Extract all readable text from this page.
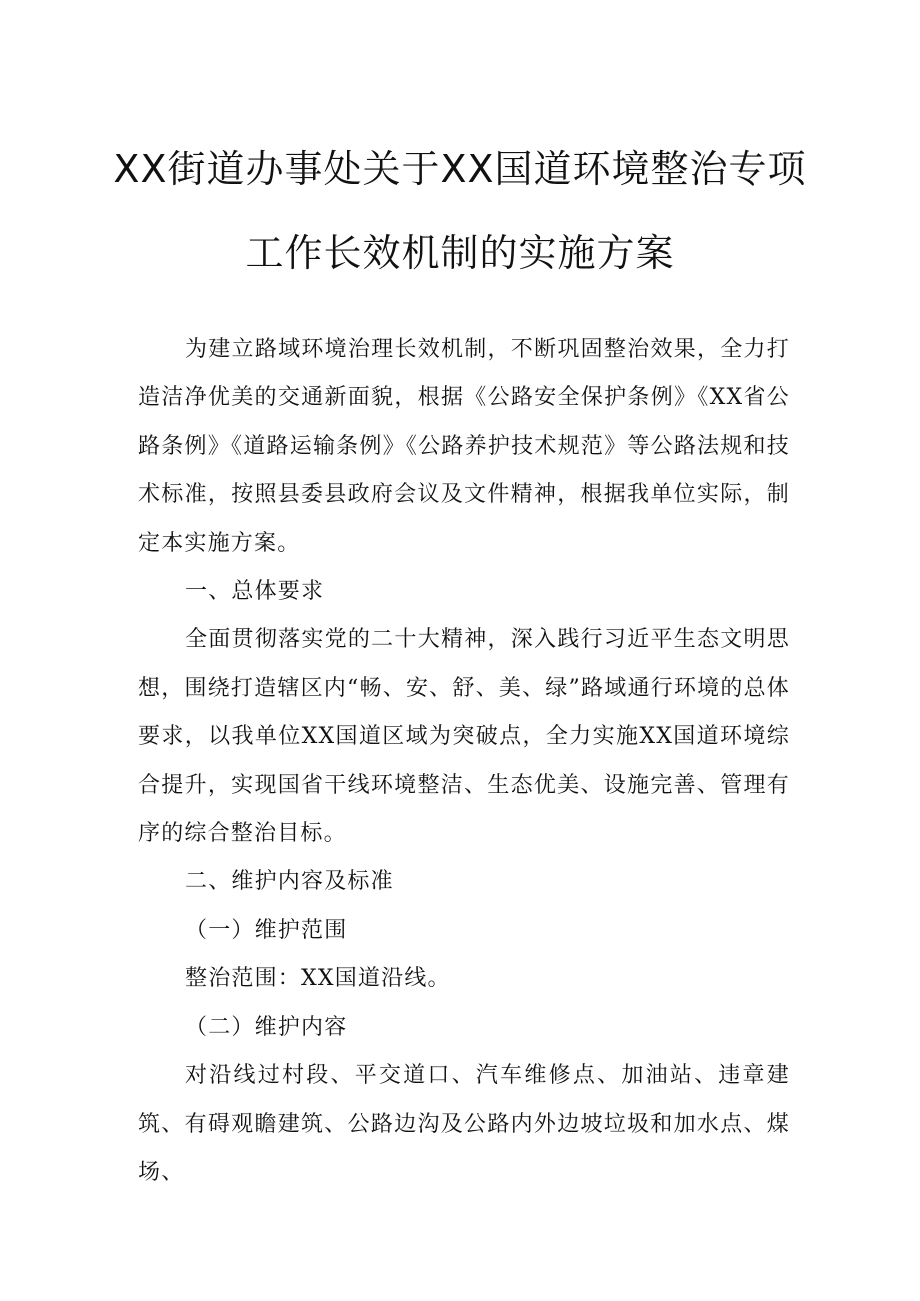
XX街道办事处关于XX国道环境整治专项
工作长效机制的实施方案

为建立路域环境治理长效机制，不断巩固整治效果，全力打造洁净优美的交通新面貌，根据《公路安全保护条例》《XX省公路条例》《道路运输条例》《公路养护技术规范》等公路法规和技术标准，按照县委县政府会议及文件精神，根据我单位实际，制定本实施方案。

一、总体要求

全面贯彻落实党的二十大精神，深入践行习近平生态文明思想，围绕打造辖区内“畅、安、舒、美、绿”路域通行环境的总体要求，以我单位XX国道区域为突破点，全力实施XX国道环境综合提升，实现国省干线环境整洁、生态优美、设施完善、管理有序的综合整治目标。

二、维护内容及标准

（一）维护范围

整治范围：XX国道沿线。

（二）维护内容

对沿线过村段、平交道口、汽车维修点、加油站、违章建筑、有碍观瞻建筑、公路边沟及公路内外边坡垃圾和加水点、煤场、
